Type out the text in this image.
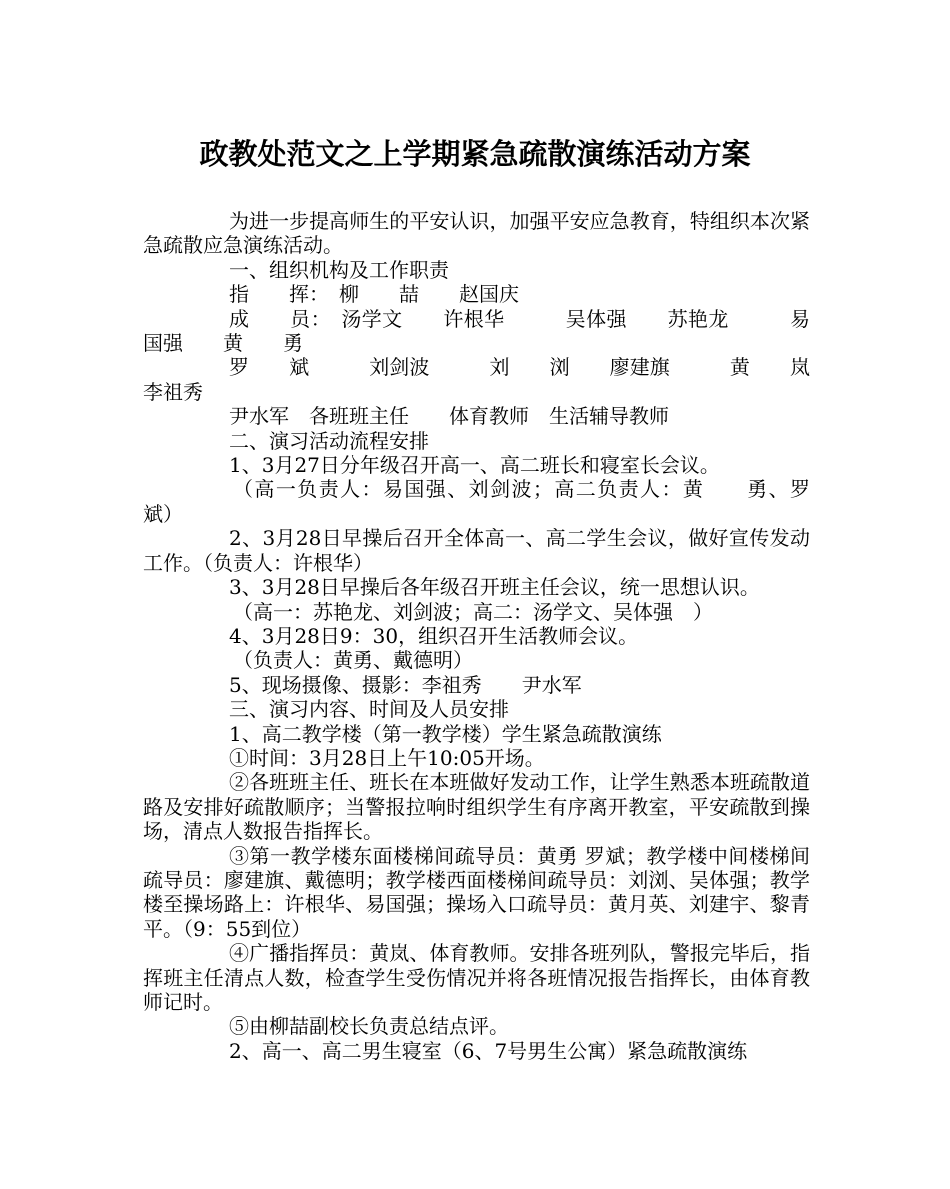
政教处范文之上学期紧急疏散演练活动方案

为进一步提高师生的平安认识，加强平安应急教育，特组织本次紧急疏散应急演练活动。

一、组织机构及工作职责

指　　挥：　柳　　喆　　赵国庆

成　　员：　汤学文　　许根华　　　吴体强　　苏艳龙　　　易国强　　黄　　勇

罗　　斌　　　刘剑波　　　刘　　浏　　廖建旗　　　黄　　岚　　李祖秀

尹水军　各班班主任　　体育教师　生活辅导教师

二、演习活动流程安排

1、3月27日分年级召开高一、高二班长和寝室长会议。

（高一负责人：易国强、刘剑波；高二负责人：黄　　勇、罗　　斌）

2、3月28日早操后召开全体高一、高二学生会议，做好宣传发动工作。（负责人：许根华）

3、3月28日早操后各年级召开班主任会议，统一思想认识。

（高一：苏艳龙、刘剑波；高二：汤学文、吴体强　）

4、3月28日9：30，组织召开生活教师会议。

（负责人：黄勇、戴德明）

5、现场摄像、摄影：李祖秀　　尹水军

三、演习内容、时间及人员安排

1、高二教学楼（第一教学楼）学生紧急疏散演练

①时间：3月28日上午10:05开场。

②各班班主任、班长在本班做好发动工作，让学生熟悉本班疏散道路及安排好疏散顺序；当警报拉响时组织学生有序离开教室，平安疏散到操场，清点人数报告指挥长。

③第一教学楼东面楼梯间疏导员：黄勇 罗斌；教学楼中间楼梯间疏导员：廖建旗、戴德明；教学楼西面楼梯间疏导员：刘浏、吴体强；教学楼至操场路上：许根华、易国强；操场入口疏导员：黄月英、刘建宇、黎青平。（9：55到位）

④广播指挥员：黄岚、体育教师。安排各班列队，警报完毕后，指挥班主任清点人数，检查学生受伤情况并将各班情况报告指挥长，由体育教师记时。

⑤由柳喆副校长负责总结点评。

2、高一、高二男生寝室（6、7号男生公寓）紧急疏散演练
